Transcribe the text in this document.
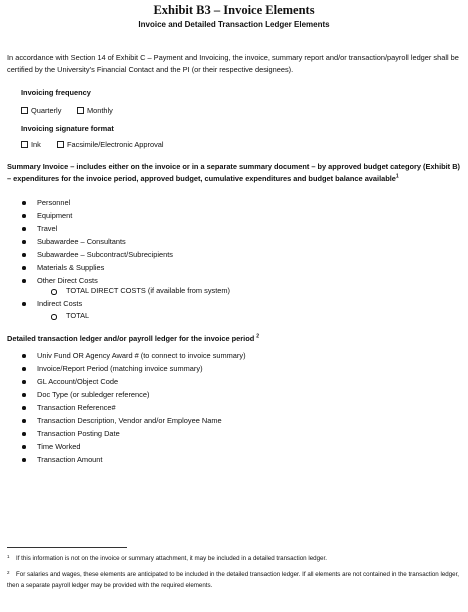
Exhibit B3 – Invoice Elements
Invoice and Detailed Transaction Ledger Elements
In accordance with Section 14 of Exhibit C – Payment and Invoicing, the invoice, summary report and/or transaction/payroll ledger shall be certified by the University’s Financial Contact and the PI (or their respective designees).
Invoicing frequency
Quarterly	Monthly
Invoicing signature format
Ink	Facsimile/Electronic Approval
Summary Invoice – includes either on the invoice or in a separate summary document – by approved budget category (Exhibit B) – expenditures for the invoice period, approved budget, cumulative expenditures and budget balance available$^1$
Personnel
Equipment
Travel
Subawardee – Consultants
Subawardee – Subcontract/Subrecipients
Materials & Supplies
Other Direct Costs
TOTAL DIRECT COSTS (if available from system)
Indirect Costs
TOTAL
Detailed transaction ledger and/or payroll ledger for the invoice period $^2$
Univ Fund OR Agency Award # (to connect to invoice summary)
Invoice/Report Period (matching invoice summary)
GL Account/Object Code
Doc Type (or subledger reference)
Transaction Reference#
Transaction Description, Vendor and/or Employee Name
Transaction Posting Date
Time Worked
Transaction Amount
1 If this information is not on the invoice or summary attachment, it may be included in a detailed transaction ledger.
2 For salaries and wages, these elements are anticipated to be included in the detailed transaction ledger. If all elements are not contained in the transaction ledger, then a separate payroll ledger may be provided with the required elements.
